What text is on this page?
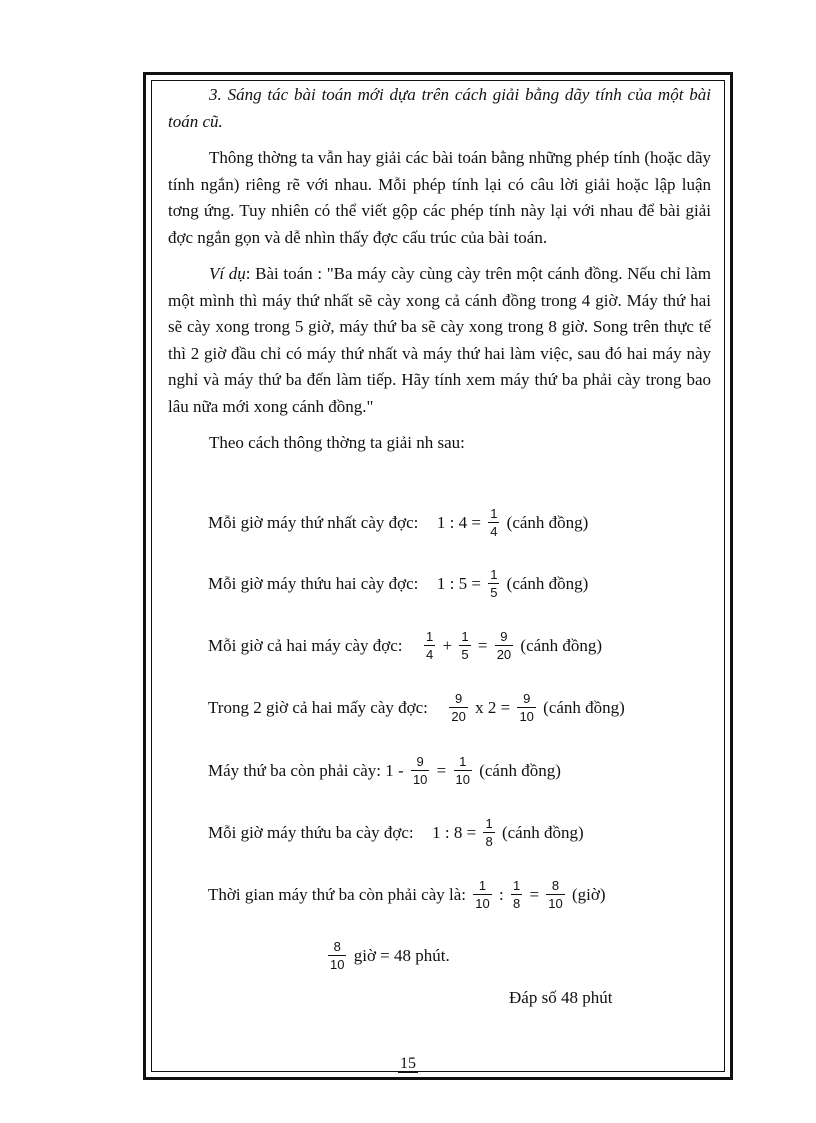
3. Sáng tác bài toán mới dựa trên cách giải bằng dãy tính của một bài toán cũ.

Thông thờng ta vẫn hay giải các bài toán bằng những phép tính (hoặc dãy tính ngắn) riêng rẽ với nhau. Mỗi phép tính lại có câu lời giải hoặc lập luận tơng ứng. Tuy nhiên có thể viết gộp các phép tính này lại với nhau để bài giải đợc ngắn gọn và dễ nhìn thấy đợc cấu trúc của bài toán.

Ví dụ: Bài toán : "Ba máy cày cùng cày trên một cánh đồng. Nếu chỉ làm một mình thì máy thứ nhất sẽ cày xong cả cánh đồng trong 4 giờ. Máy thứ hai sẽ cày xong trong 5 giờ, máy thứ ba sẽ cày xong trong 8 giờ. Song trên thực tế thì 2 giờ đầu chỉ có máy thứ nhất và máy thứ hai làm việc, sau đó hai máy này nghỉ và máy thứ ba đến làm tiếp. Hãy tính xem máy thứ ba phải cày trong bao lâu nữa mới xong cánh đồng."

Theo cách thông thờng ta giải nh sau:

Mỗi giờ máy thứ nhất cày đợc: 1 : $4 = \frac{1}{4}$ (cánh đồng)
Mỗi giờ máy thứu hai cày đợc: 1 : $5 = \frac{1}{5}$ (cánh đồng)
Mỗi giờ cả hai máy cày đợc: $\frac{1}{4} + \frac{1}{5} = \frac{9}{20}$ (cánh đồng)
Trong 2 giờ cả hai mấy cày đợc: $\frac{9}{20}$ x $2 = \frac{9}{10}$ (cánh đồng)
Máy thứ ba còn phải cày: $1 - \frac{9}{10} = \frac{1}{10}$ (cánh đồng)
Mỗi giờ máy thứu ba cày đợc: 1 : $8 = \frac{1}{8}$ (cánh đồng)
Thời gian máy thứ ba còn phải cày là: $\frac{1}{10}$ : $\frac{1}{8} = \frac{8}{10}$ (giờ)
$\frac{8}{10}$ giờ = 48 phút.
Đáp số 48 phút
15
